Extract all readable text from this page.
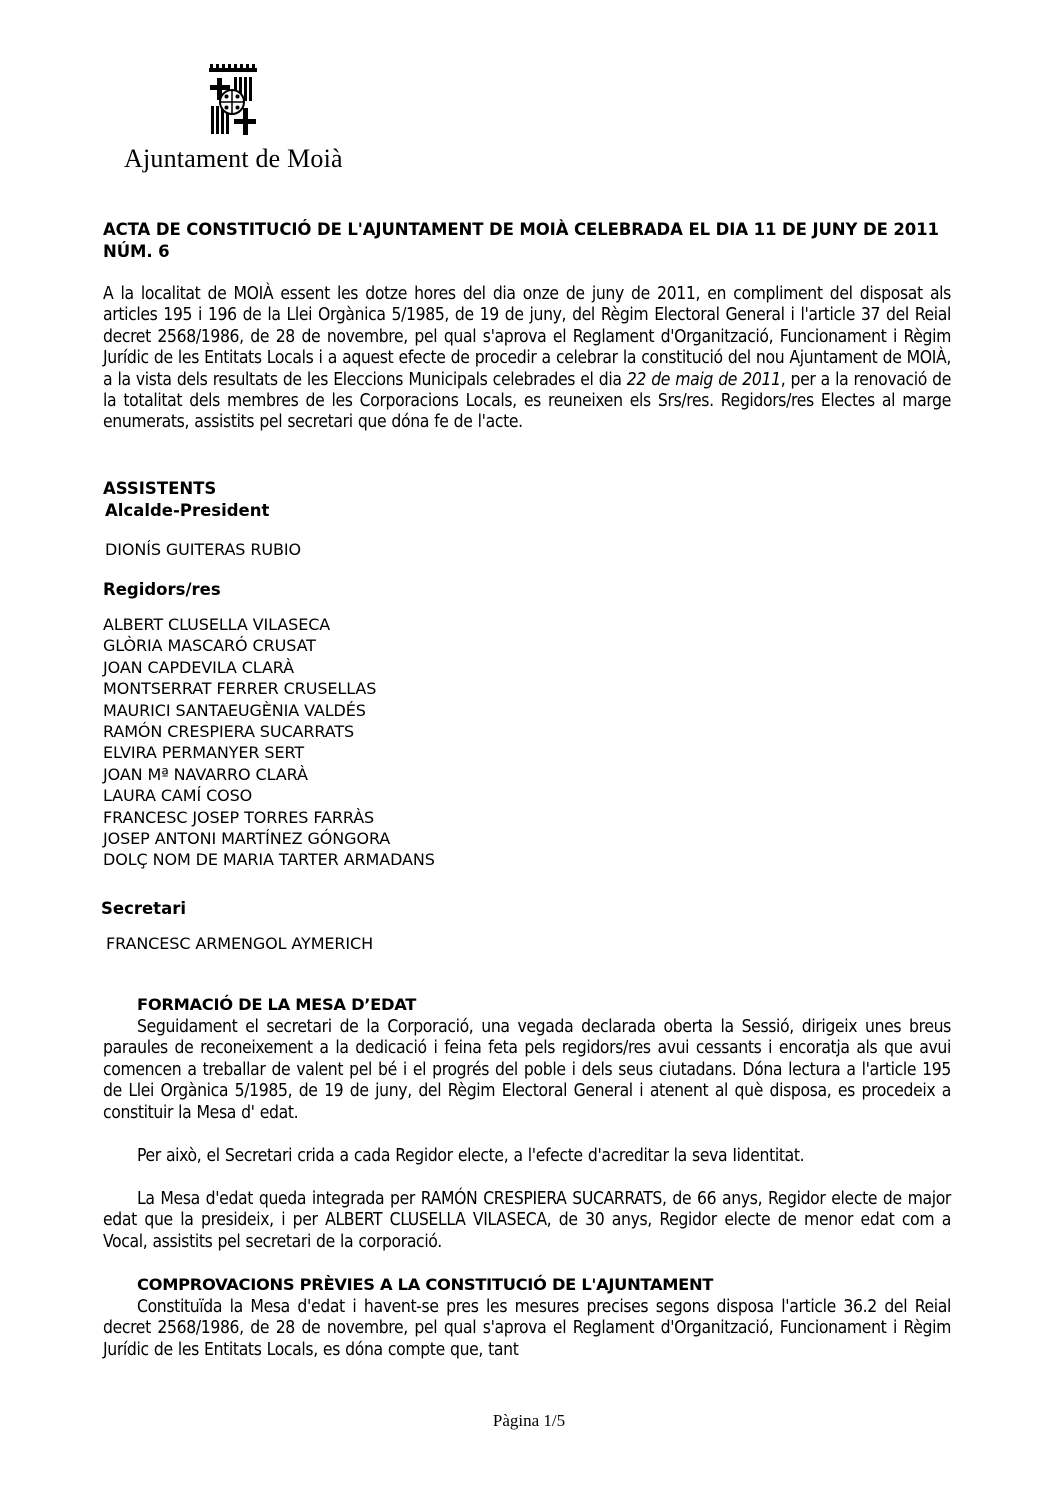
Ajuntament de Moià
ACTA DE CONSTITUCIÓ DE L'AJUNTAMENT DE MOIÀ CELEBRADA EL DIA 11 DE JUNY DE 2011 NÚM. 6
A la localitat de MOIÀ essent les dotze hores del dia onze de juny de 2011, en compliment del disposat als articles 195 i 196 de la Llei Orgànica 5/1985, de 19 de juny, del Règim Electoral General i l'article 37 del Reial decret 2568/1986, de 28 de novembre, pel qual s'aprova el Reglament d'Organització, Funcionament i Règim Jurídic de les Entitats Locals i a aquest efecte de procedir a celebrar la constitució del nou Ajuntament de MOIÀ, a la vista dels resultats de les Eleccions Municipals celebrades el dia 22 de maig de 2011, per a la renovació de la totalitat dels membres de les Corporacions Locals, es reuneixen els Srs/res. Regidors/res Electes al marge enumerats, assistits pel secretari que dóna fe de l'acte.
ASSISTENTS
Alcalde-President
DIONÍS GUITERAS RUBIO
Regidors/res
ALBERT CLUSELLA VILASECA
GLÒRIA MASCARÓ CRUSAT
JOAN CAPDEVILA CLARÀ
MONTSERRAT FERRER CRUSELLAS
MAURICI SANTAEUGÈNIA VALDÉS
RAMÓN CRESPIERA SUCARRATS
ELVIRA PERMANYER SERT
JOAN Mª NAVARRO CLARÀ
LAURA CAMÍ COSO
FRANCESC JOSEP TORRES FARRÀS
JOSEP ANTONI MARTÍNEZ GÓNGORA
DOLÇ NOM DE MARIA TARTER ARMADANS
Secretari
FRANCESC ARMENGOL AYMERICH
FORMACIÓ DE LA MESA D’EDAT
Seguidament el secretari de la Corporació, una vegada declarada oberta la Sessió, dirigeix unes breus paraules de reconeixement a la dedicació i feina feta pels regidors/res avui cessants i encoratja als que avui comencen a treballar de valent pel bé i el progrés del poble i dels seus ciutadans. Dóna lectura a l'article 195 de Llei Orgànica 5/1985, de 19 de juny, del Règim Electoral General i atenent al què disposa, es procedeix a constituir la Mesa d' edat.
Per això, el Secretari crida a cada Regidor electe, a l'efecte d'acreditar la seva Iidentitat.
La Mesa d'edat queda integrada per RAMÓN CRESPIERA SUCARRATS, de 66 anys, Regidor electe de major edat que la presideix, i per ALBERT CLUSELLA VILASECA, de 30 anys, Regidor electe de menor edat com a Vocal, assistits pel secretari de la corporació.
COMPROVACIONS PRÈVIES A LA CONSTITUCIÓ DE L'AJUNTAMENT
Constituïda la Mesa d'edat i havent-se pres les mesures precises segons disposa l'article 36.2 del Reial decret 2568/1986, de 28 de novembre, pel qual s'aprova el Reglament d'Organització, Funcionament i Règim Jurídic de les Entitats Locals, es dóna compte que, tant
Pàgina 1/5
